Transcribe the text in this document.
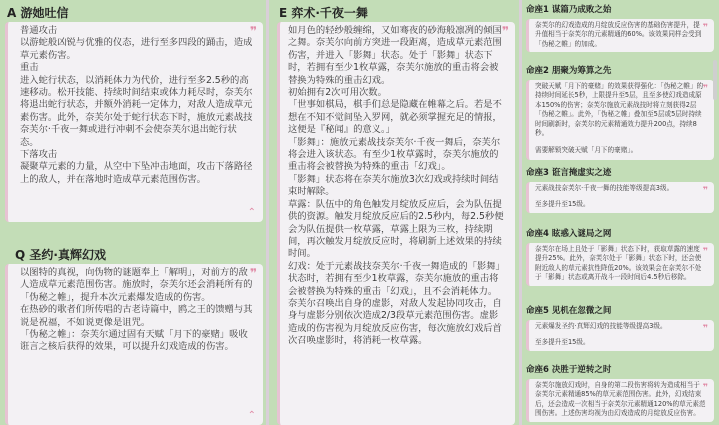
A 游她吐信
❞

普通攻击

以游蛇般凶锐与优雅的仪态，进行至多四段的踊击，造成草元素伤害。

重击

进入蛇行状态，以消耗体力为代价，进行至多2.5秒的高速移动。松开技能、持续时间结束或体力耗尽时，奈芙尔将退出蛇行状态，并额外消耗一定体力，对敌人造成草元素伤害。此外，奈芙尔处于蛇行状态下时，施放元素战技奈芙尔·千夜一舞或进行冲刺不会使奈芙尔退出蛇行状态。

下落攻击

凝聚草元素的力量，从空中下坠冲击地面，攻击下落路径上的敌人，并在落地时造成草元素范围伤害。

⌃
Q 圣约·真辉幻戏
❞

以图特的真视，向伪物的谜题奉上「解明」，对前方的敌人造成草元素范围伤害。施放时，奈芙尔还会消耗所有的「伪秘之帷」，提升本次元素爆发造成的伤害。

在热砂的歌者们所传唱的古老诗篇中，鸥之王的馈赠与其说是祝福，不如说更像是诅咒。

「伪秘之帷」：奈芙尔通过固有天赋「月下的豪赌」吸收诳言之核后获得的效果，可以提升幻戏造成的伤害。

⌃
E 弈术·千夜一舞
❞

如月色的轻纱般缠绵，又如骞夜的砂海般凛冽的倾国之舞。奈芙尔向前方突进一段距离，造成草元素范围伤害，并进入「影舞」状态。处于「影舞」状态下时，若拥有至少1枚草露，奈芙尔施放的重击将会被替换为特殊的重击幻戏。

初始拥有2次可用次数。

「世事如棋局，棋手们总是隐藏在帷幕之后。若是不想在不知不觉间坠入罗网，就必须掌握充足的情报，这便是『秘闻』的意义。」

「影舞」：施放元素战技奈芙尔·千夜一舞后，奈芙尔将会进入该状态。有至少1枚草露时，奈芙尔施放的重击将会被替换为特殊的重击「幻戏」。

「影舞」状态将在奈芙尔施放3次幻戏或持续时间结束时解除。

草露：队伍中的角色触发月绽放反应后，会为队伍提供的资源。触发月绽放反应后的2.5秒内，每2.5秒便会为队伍提供一枚草露，草露上限为三枚，持续期间，再次触发月绽放反应时，将刷新上述效果的持续时间。

幻戏：处于元素战技奈芙尔·千夜一舞造成的「影舞」状态时，若拥有至少1枚草露，奈芙尔施放的重击将会被替换为特殊的重击「幻戏」，且不会消耗体力。奈芙尔召唤出自身的虚影，对敌人发起协同攻击，自身与虚影分别依次造成2/3段草元素范围伤害。虚影造成的伤害视为月绽放反应伤害，每次施放幻戏后首次召唤虚影时，将消耗一枚草露。

命座1 谋篇乃成败之始
❞

奈芙尔的幻戏造成的月绽放反应伤害的基础伤害提升，提升值相当于奈芙尔的元素精通的60%。该效果同样会受到「伪秘之帷」的加成。

命座2 朋聚为筹算之先
❞

突破天赋「月下的豪赌」的效果获得强化：「伪秘之帷」的持续时间延长5秒，上限提升至5层，且至多使幻戏造成原本150%的伤害；奈芙尔施放元素战技时将立刻获得2层「伪秘之帷」。此外，「伪秘之帷」叠加至5层或5层时持续时间刷新时，奈芙尔的元素精通效力提升200点，持续8秒。

需要解锁突破天赋「月下的豪赌」。

命座3 诳言掩虚实之迹
❞

元素战技奈芙尔·千夜一舞的技能等级提高3级。

至多提升至15级。

命座4 眩惑入谜局之网
❞

奈芙尔在场上且处于「影舞」状态下时，获取草露的速度提升25%。此外，奈芙尔处于「影舞」状态下时，还会使附近敌人的草元素抗性降低20%。该效果会在奈芙尔不处于「影舞」状态或离开战斗一段时间后4.5秒后移除。

命座5 见机在忽微之间
❞

元素爆发圣约·真辉幻戏的技能等级提高3级。

至多提升至15级。

命座6 决胜于逆转之时
❞

奈芙尔施放幻戏时，自身的第二段伤害将转为造成相当于奈芙尔元素精通85%的草元素范围伤害。此外，幻戏结束后，还会造成一次相当于奈芙尔元素精通120%的草元素范围伤害。上述伤害均视为由幻戏造成的月绽放反应伤害。
